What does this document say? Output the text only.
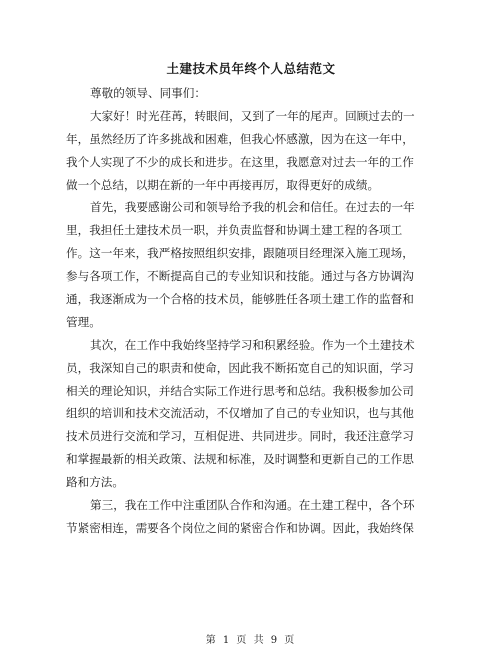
土建技术员年终个人总结范文
尊敬的领导、同事们：
大家好！时光荏苒，转眼间，又到了一年的尾声。回顾过去的一
年，虽然经历了许多挑战和困难，但我心怀感激，因为在这一年中，
我个人实现了不少的成长和进步。在这里，我愿意对过去一年的工作
做一个总结，以期在新的一年中再接再厉，取得更好的成绩。
首先，我要感谢公司和领导给予我的机会和信任。在过去的一年
里，我担任土建技术员一职，并负责监督和协调土建工程的各项工
作。这一年来，我严格按照组织安排，跟随项目经理深入施工现场，
参与各项工作，不断提高自己的专业知识和技能。通过与各方协调沟
通，我逐渐成为一个合格的技术员，能够胜任各项土建工作的监督和
管理。
其次，在工作中我始终坚持学习和积累经验。作为一个土建技术
员，我深知自己的职责和使命，因此我不断拓宽自己的知识面，学习
相关的理论知识，并结合实际工作进行思考和总结。我积极参加公司
组织的培训和技术交流活动，不仅增加了自己的专业知识，也与其他
技术员进行交流和学习，互相促进、共同进步。同时，我还注意学习
和掌握最新的相关政策、法规和标准，及时调整和更新自己的工作思
路和方法。
第三，我在工作中注重团队合作和沟通。在土建工程中，各个环
节紧密相连，需要各个岗位之间的紧密合作和协调。因此，我始终保
第 1 页 共 9 页
